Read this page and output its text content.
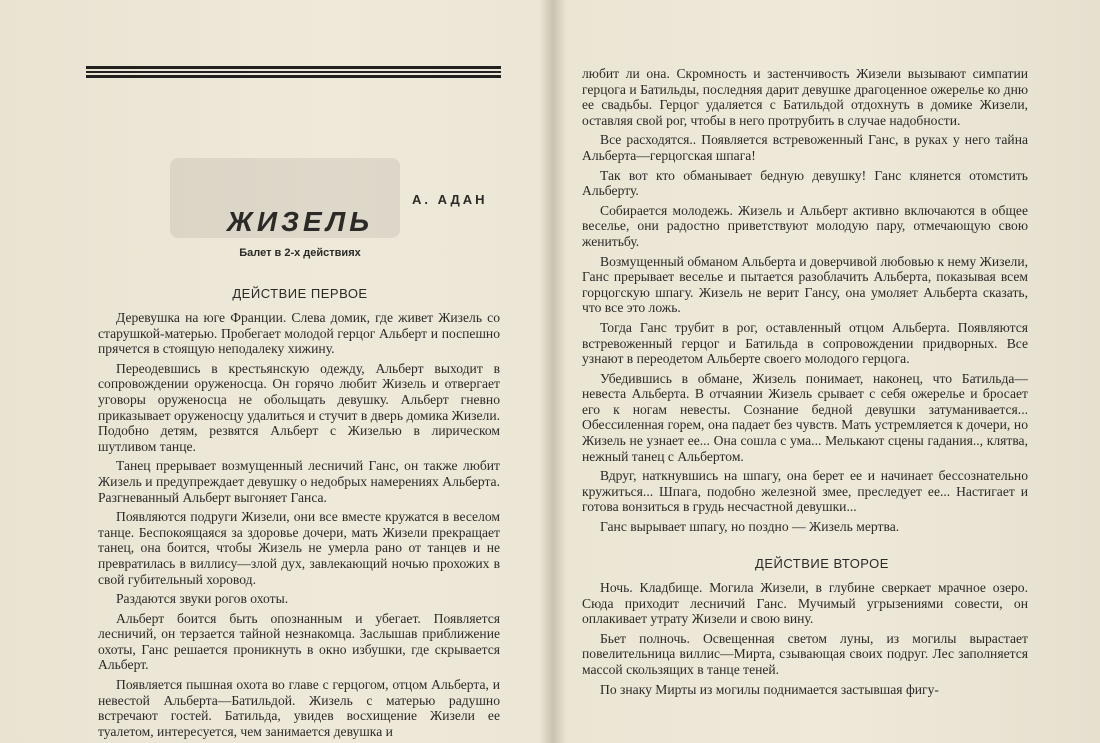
А. АДАН
ЖИЗЕЛЬ
Балет в 2-х действиях
ДЕЙСТВИЕ ПЕРВОЕ

Деревушка на юге Франции. Слева домик, где живет Жизель со старушкой-матерью. Пробегает молодой герцог Альберт и поспешно прячется в стоящую неподалеку хижину.

Переодевшись в крестьянскую одежду, Альберт выходит в сопровождении оруженосца. Он горячо любит Жизель и отвергает уговоры оруженосца не обольщать девушку. Альберт гневно приказывает оруженосцу удалиться и стучит в дверь домика Жизели. Подобно детям, резвятся Альберт с Жизелью в лирическом шутливом танце.

Танец прерывает возмущенный лесничий Ганс, он также любит Жизель и предупреждает девушку о недобрых намерениях Альберта. Разгневанный Альберт выгоняет Ганса.

Появляются подруги Жизели, они все вместе кружатся в веселом танце. Беспокоящаяся за здоровье дочери, мать Жизели прекращает танец, она боится, чтобы Жизель не умерла рано от танцев и не превратилась в виллису—злой дух, завлекающий ночью прохожих в свой губительный хоровод.

Раздаются звуки рогов охоты.

Альберт боится быть опознанным и убегает. Появляется лесничий, он терзается тайной незнакомца. Заслышав приближение охоты, Ганс решается проникнуть в окно избушки, где скрывается Альберт.

Появляется пышная охота во главе с герцогом, отцом Альберта, и невестой Альберта—Батильдой. Жизель с матерью радушно встречают гостей. Батильда, увидев восхищение Жизели ее туалетом, интересуется, чем занимается девушка и

любит ли она. Скромность и застенчивость Жизели вызывают симпатии герцога и Батильды, последняя дарит девушке драгоценное ожерелье ко дню ее свадьбы. Герцог удаляется с Батильдой отдохнуть в домике Жизели, оставляя свой рог, чтобы в него протрубить в случае надобности.

Все расходятся.. Появляется встревоженный Ганс, в руках у него тайна Альберта—герцогская шпага!

Так вот кто обманывает бедную девушку! Ганс клянется отомстить Альберту.

Собирается молодежь. Жизель и Альберт активно включаются в общее веселье, они радостно приветствуют молодую пару, отмечающую свою женитьбу.

Возмущенный обманом Альберта и доверчивой любовью к нему Жизели, Ганс прерывает веселье и пытается разоблачить Альберта, показывая всем горцогскую шпагу. Жизель не верит Гансу, она умоляет Альберта сказать, что все это ложь.

Тогда Ганс трубит в рог, оставленный отцом Альберта. Появляются встревоженный герцог и Батильда в сопровождении придворных. Все узнают в переодетом Альберте своего молодого герцога.

Убедившись в обмане, Жизель понимает, наконец, что Батильда—невеста Альберта. В отчаянии Жизель срывает с себя ожерелье и бросает его к ногам невесты. Сознание бедной девушки затуманивается... Обессиленная горем, она падает без чувств. Мать устремляется к дочери, но Жизель не узнает ее... Она сошла с ума... Мелькают сцены гадания.., клятва, нежный танец с Альбертом.

Вдруг, наткнувшись на шпагу, она берет ее и начинает бессознательно кружиться... Шпага, подобно железной змее, преследует ее... Настигает и готова вонзиться в грудь несчастной девушки...

Ганс вырывает шпагу, но поздно — Жизель мертва.

ДЕЙСТВИЕ ВТОРОЕ

Ночь. Кладбище. Могила Жизели, в глубине сверкает мрачное озеро. Сюда приходит лесничий Ганс. Мучимый угрызениями совести, он оплакивает утрату Жизели и свою вину.

Бьет полночь. Освещенная светом луны, из могилы вырастает повелительница виллис—Мирта, сзывающая своих подруг. Лес заполняется массой скользящих в танце теней.

По знаку Мирты из могилы поднимается застывшая фигу-
